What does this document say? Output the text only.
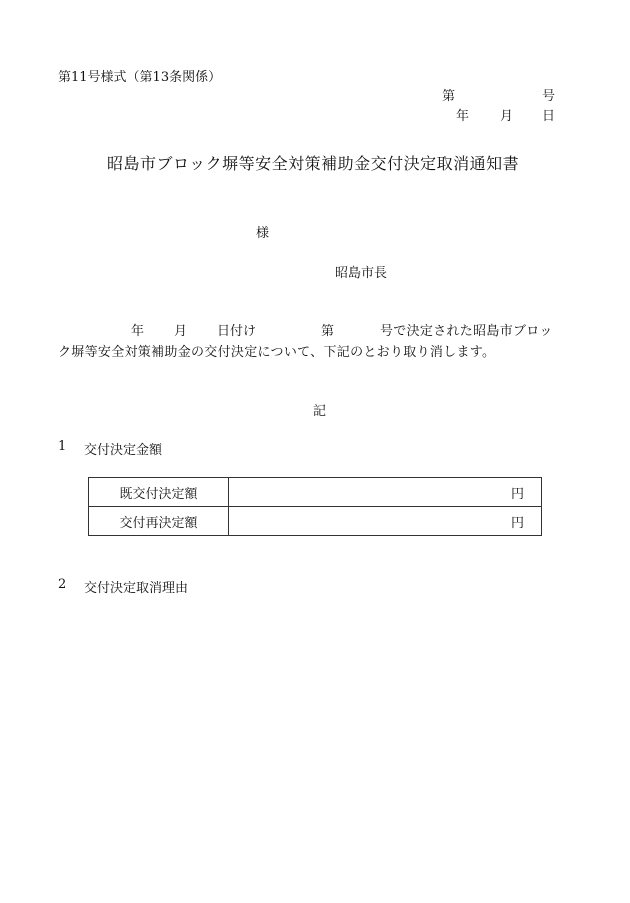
第11号様式（第13条関係）
第	号
年 月 日
昭島市ブロック塀等安全対策補助金交付決定取消通知書
様
昭島市長
年 月 日付け	第	号で決定された昭島市ブロッ
ク塀等安全対策補助金の交付決定について、下記のとおり取り消します。
記
1 交付決定金額
既交付決定額	円
交付再決定額	円
2 交付決定取消理由
